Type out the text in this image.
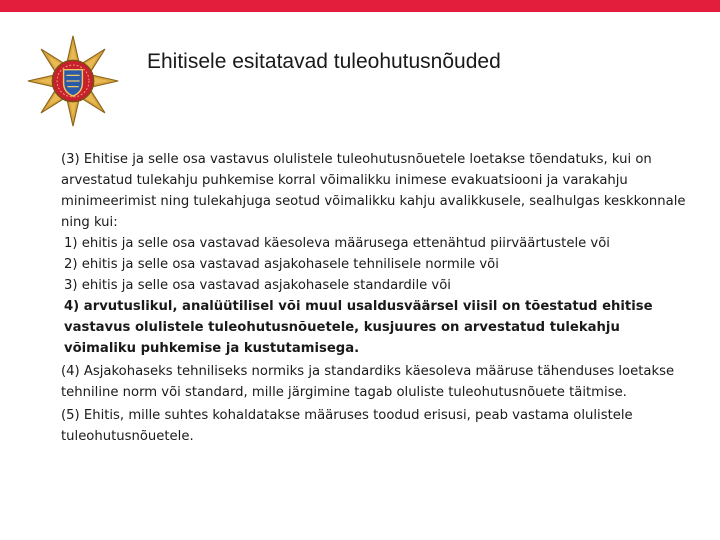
Ehitisele esitatavad tuleohutusnõuded

(3) Ehitise ja selle osa vastavus olulistele tuleohutusnõuetele loetakse tõendatuks, kui on arvestatud tulekahju puhkemise korral võimalikku inimese evakuatsiooni ja varakahju minimeerimist ning tulekahjuga seotud võimalikku kahju avalikkusele, sealhulgas keskkonnale ning kui:

1) ehitis ja selle osa vastavad käesoleva määrusega ettenähtud piirväärtustele või

2) ehitis ja selle osa vastavad asjakohasele tehnilisele normile või

3) ehitis ja selle osa vastavad asjakohasele standardile või

4) arvutuslikul, analüütilisel või muul usaldusväärsel viisil on tõestatud ehitise vastavus olulistele tuleohutusnõuetele, kusjuures on arvestatud tulekahju võimaliku puhkemise ja kustutamisega.

(4) Asjakohaseks tehniliseks normiks ja standardiks käesoleva määruse tähenduses loetakse tehniline norm või standard, mille järgimine tagab oluliste tuleohutusnõuete täitmise.

(5) Ehitis, mille suhtes kohaldatakse määruses toodud erisusi, peab vastama olulistele tuleohutusnõuetele.
